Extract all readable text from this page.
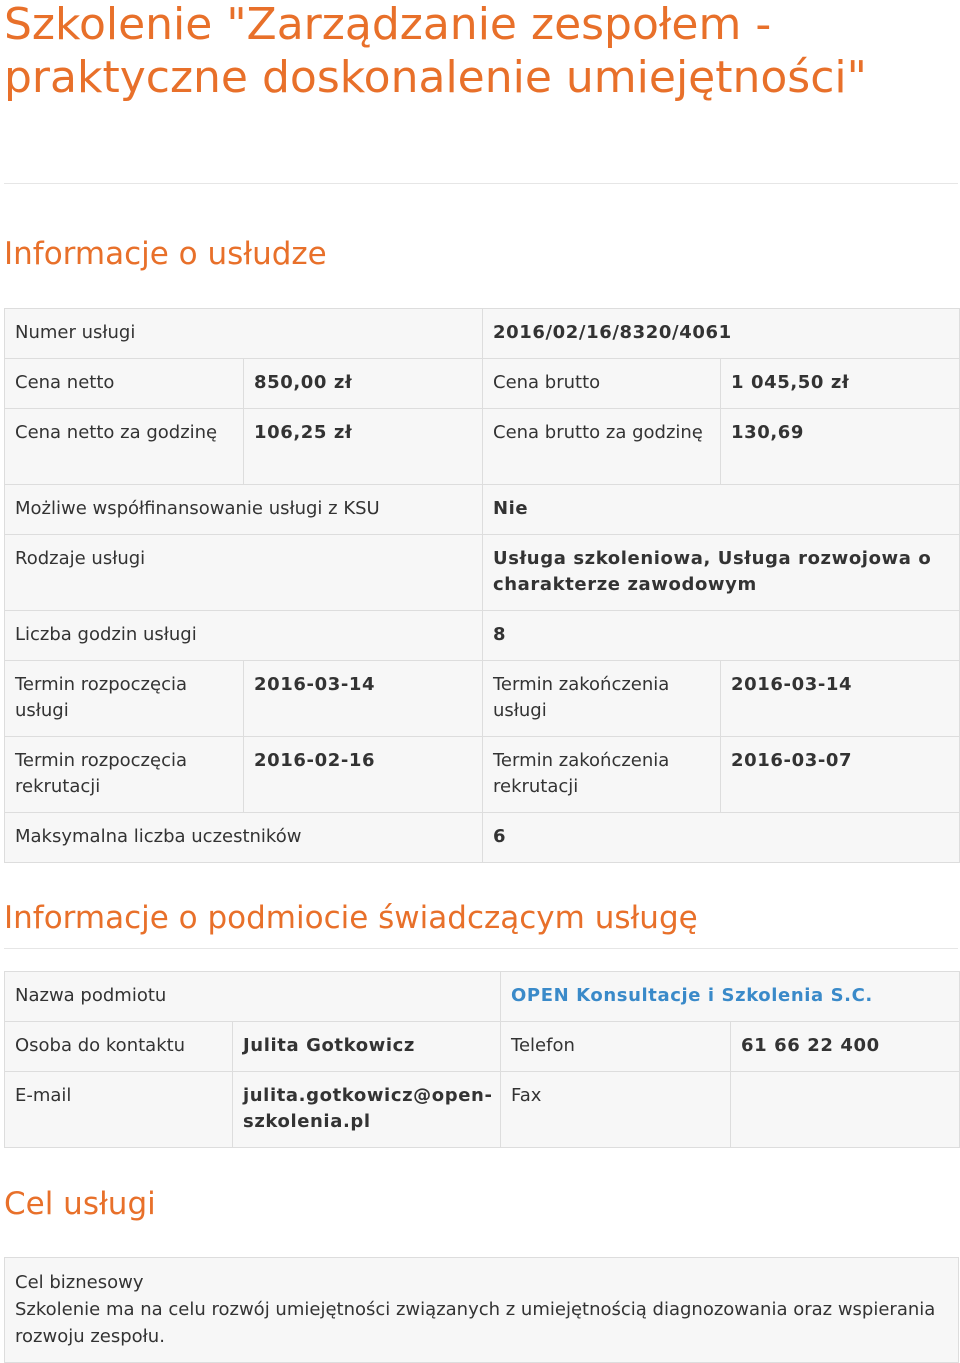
Szkolenie "Zarządzanie zespołem - praktyczne doskonalenie umiejętności"
Informacje o usłudze
Numer usługi		2016/02/16/8320/4061	
Cena netto	850,00 zł	Cena brutto	1 045,50 zł
Cena netto za godzinę	106,25 zł	Cena brutto za godzinę	130,69
Możliwe współfinansowanie usługi z KSU		Nie	
Rodzaje usługi		Usługa szkoleniowa, Usługa rozwojowa o charakterze zawodowym	
Liczba godzin usługi		8	
Termin rozpoczęcia usługi	2016-03-14	Termin zakończenia usługi	2016-03-14
Termin rozpoczęcia rekrutacji	2016-02-16	Termin zakończenia rekrutacji	2016-03-07
Maksymalna liczba uczestników		6	
Informacje o podmiocie świadczącym usługę
Nazwa podmiotu		OPEN Konsultacje i Szkolenia S.C.	
Osoba do kontaktu	Julita Gotkowicz	Telefon	61 66 22 400
E-mail	julita.gotkowicz@open-szkolenia.pl	Fax	
Cel usługi
Cel biznesowy
Szkolenie ma na celu rozwój umiejętności związanych z umiejętnością diagnozowania oraz wspierania rozwoju zespołu.
